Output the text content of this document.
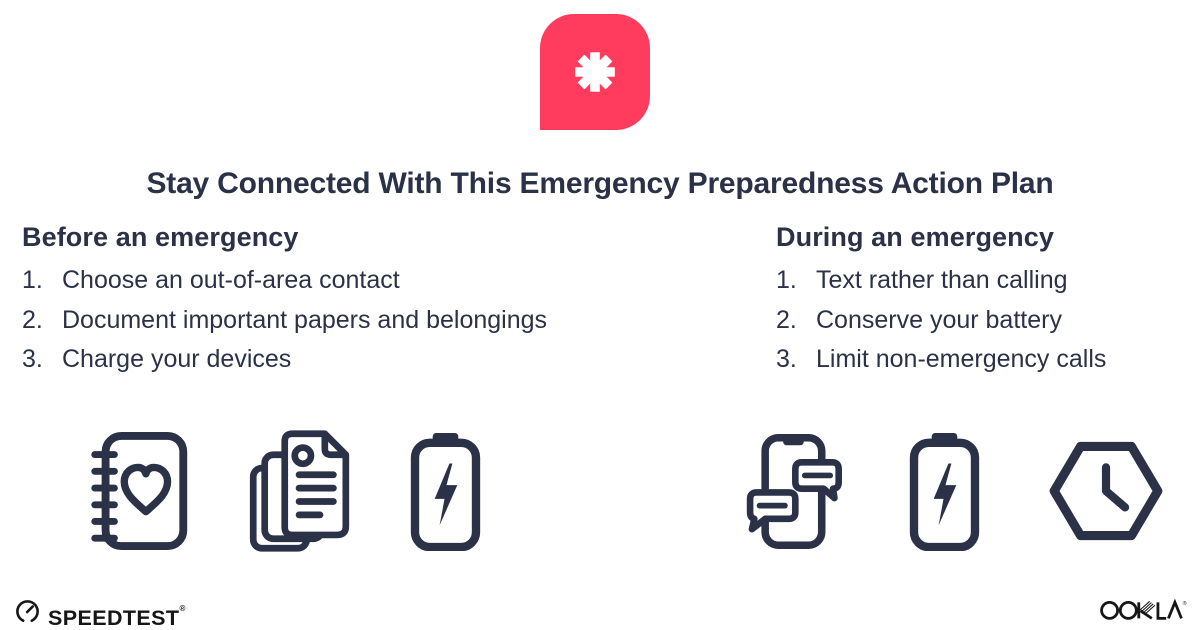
Stay Connected With This Emergency Preparedness Action Plan
Before an emergency
1. Choose an out-of-area contact
2. Document important papers and belongings
3. Charge your devices
During an emergency
1. Text rather than calling
2. Conserve your battery
3. Limit non-emergency calls
SPEEDTEST®	®
